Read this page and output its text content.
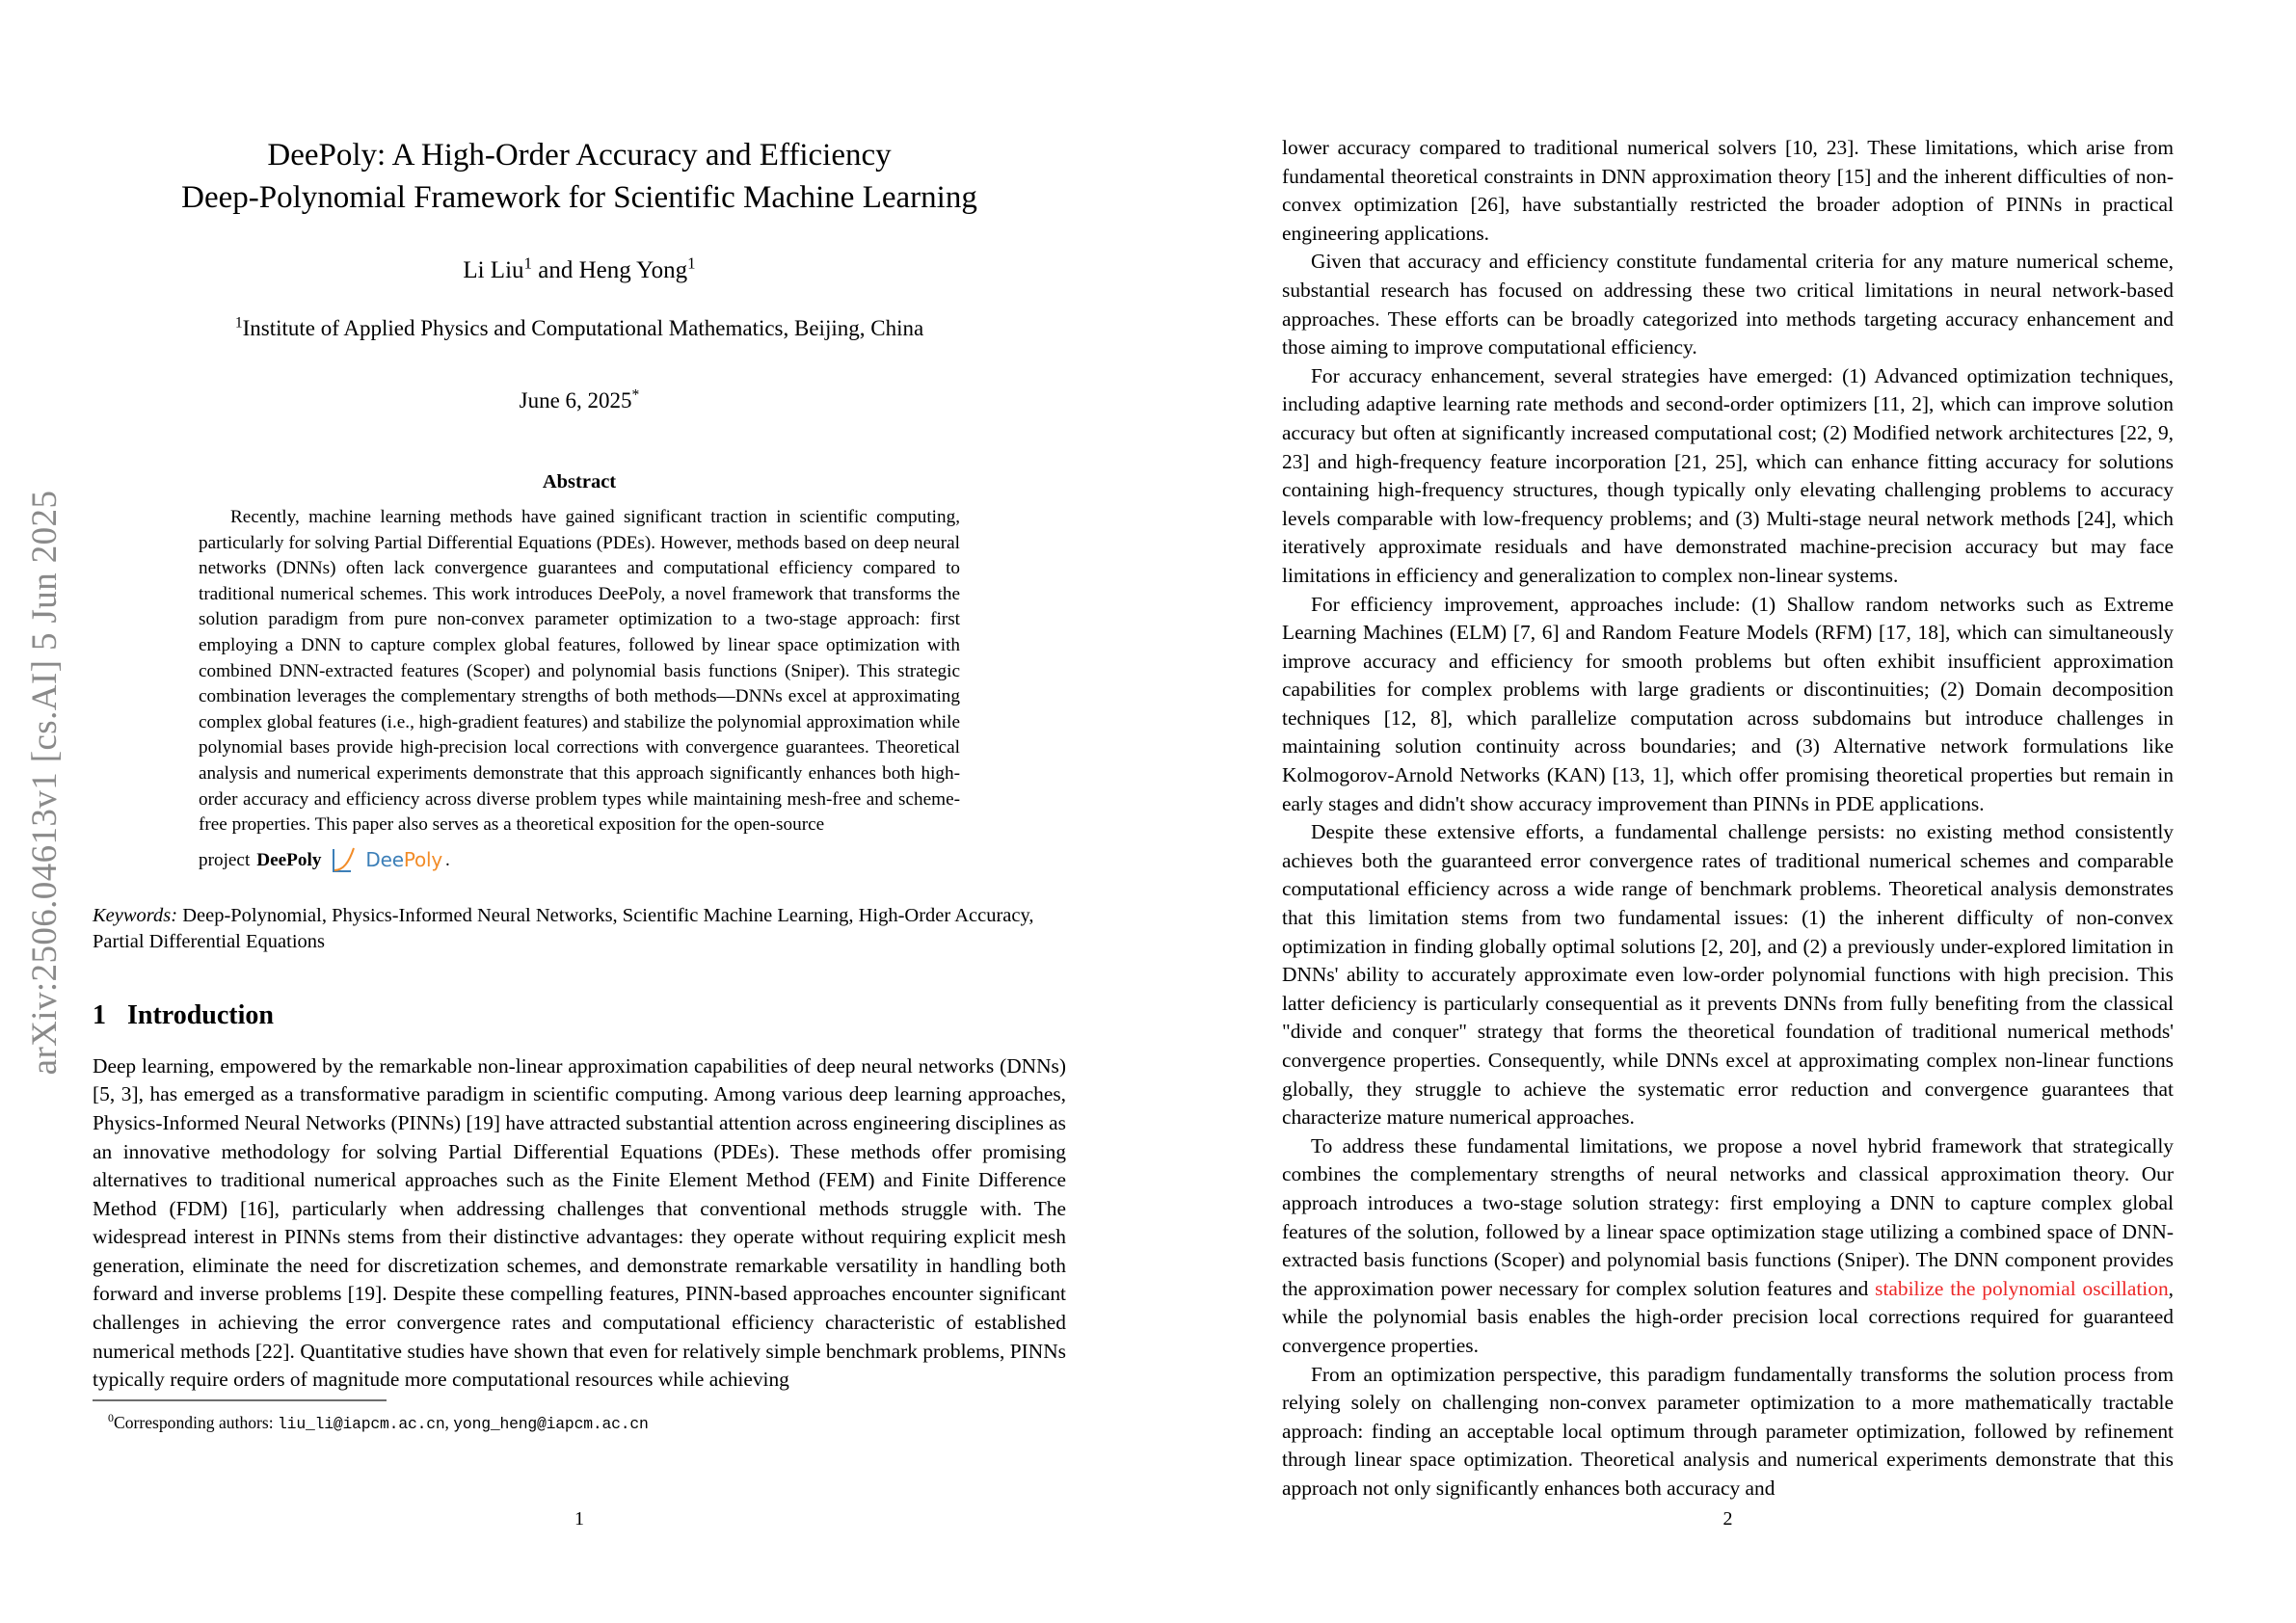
arXiv:2506.04613v1 [cs.AI] 5 Jun 2025
DeePoly: A High-Order Accuracy and Efficiency
Deep-Polynomial Framework for Scientific Machine Learning
Li Liu$^1$ and Heng Yong$^1$
$^1$Institute of Applied Physics and Computational Mathematics, Beijing, China
June 6, 2025*
Abstract
Recently, machine learning methods have gained significant traction in scientific computing, particularly for solving Partial Differential Equations (PDEs). However, methods based on deep neural networks (DNNs) often lack convergence guarantees and computational efficiency compared to traditional numerical schemes. This work introduces DeePoly, a novel framework that transforms the solution paradigm from pure non-convex parameter optimization to a two-stage approach: first employing a DNN to capture complex global features, followed by linear space optimization with combined DNN-extracted features (Scoper) and polynomial basis functions (Sniper). This strategic combination leverages the complementary strengths of both methods—DNNs excel at approximating complex global features (i.e., high-gradient features) and stabilize the polynomial approximation while polynomial bases provide high-precision local corrections with convergence guarantees. Theoretical analysis and numerical experiments demonstrate that this approach significantly enhances both high-order accuracy and efficiency across diverse problem types while maintaining mesh-free and scheme-free properties. This paper also serves as a theoretical exposition for the open-source
project DeePoly DeePoly .
Keywords: Deep-Polynomial, Physics-Informed Neural Networks, Scientific Machine Learning, High-Order Accuracy, Partial Differential Equations
1 Introduction

Deep learning, empowered by the remarkable non-linear approximation capabilities of deep neural networks (DNNs) [5, 3], has emerged as a transformative paradigm in scientific computing. Among various deep learning approaches, Physics-Informed Neural Networks (PINNs) [19] have attracted substantial attention across engineering disciplines as an innovative methodology for solving Partial Differential Equations (PDEs). These methods offer promising alternatives to traditional numerical approaches such as the Finite Element Method (FEM) and Finite Difference Method (FDM) [16], particularly when addressing challenges that conventional methods struggle with. The widespread interest in PINNs stems from their distinctive advantages: they operate without requiring explicit mesh generation, eliminate the need for discretization schemes, and demonstrate remarkable versatility in handling both forward and inverse problems [19]. Despite these compelling features, PINN-based approaches encounter significant challenges in achieving the error convergence rates and computational efficiency characteristic of established numerical methods [22]. Quantitative studies have shown that even for relatively simple benchmark problems, PINNs typically require orders of magnitude more computational resources while achieving

$^0$Corresponding authors: liu_li@iapcm.ac.cn, yong_heng@iapcm.ac.cn
1

lower accuracy compared to traditional numerical solvers [10, 23]. These limitations, which arise from fundamental theoretical constraints in DNN approximation theory [15] and the inherent difficulties of non-convex optimization [26], have substantially restricted the broader adoption of PINNs in practical engineering applications.

Given that accuracy and efficiency constitute fundamental criteria for any mature numerical scheme, substantial research has focused on addressing these two critical limitations in neural network-based approaches. These efforts can be broadly categorized into methods targeting accuracy enhancement and those aiming to improve computational efficiency.

For accuracy enhancement, several strategies have emerged: (1) Advanced optimization techniques, including adaptive learning rate methods and second-order optimizers [11, 2], which can improve solution accuracy but often at significantly increased computational cost; (2) Modified network architectures [22, 9, 23] and high-frequency feature incorporation [21, 25], which can enhance fitting accuracy for solutions containing high-frequency structures, though typically only elevating challenging problems to accuracy levels comparable with low-frequency problems; and (3) Multi-stage neural network methods [24], which iteratively approximate residuals and have demonstrated machine-precision accuracy but may face limitations in efficiency and generalization to complex non-linear systems.

For efficiency improvement, approaches include: (1) Shallow random networks such as Extreme Learning Machines (ELM) [7, 6] and Random Feature Models (RFM) [17, 18], which can simultaneously improve accuracy and efficiency for smooth problems but often exhibit insufficient approximation capabilities for complex problems with large gradients or discontinuities; (2) Domain decomposition techniques [12, 8], which parallelize computation across subdomains but introduce challenges in maintaining solution continuity across boundaries; and (3) Alternative network formulations like Kolmogorov-Arnold Networks (KAN) [13, 1], which offer promising theoretical properties but remain in early stages and didn't show accuracy improvement than PINNs in PDE applications.

Despite these extensive efforts, a fundamental challenge persists: no existing method consistently achieves both the guaranteed error convergence rates of traditional numerical schemes and comparable computational efficiency across a wide range of benchmark problems. Theoretical analysis demonstrates that this limitation stems from two fundamental issues: (1) the inherent difficulty of non-convex optimization in finding globally optimal solutions [2, 20], and (2) a previously under-explored limitation in DNNs' ability to accurately approximate even low-order polynomial functions with high precision. This latter deficiency is particularly consequential as it prevents DNNs from fully benefiting from the classical "divide and conquer" strategy that forms the theoretical foundation of traditional numerical methods' convergence properties. Consequently, while DNNs excel at approximating complex non-linear functions globally, they struggle to achieve the systematic error reduction and convergence guarantees that characterize mature numerical approaches.

To address these fundamental limitations, we propose a novel hybrid framework that strategically combines the complementary strengths of neural networks and classical approximation theory. Our approach introduces a two-stage solution strategy: first employing a DNN to capture complex global features of the solution, followed by a linear space optimization stage utilizing a combined space of DNN-extracted basis functions (Scoper) and polynomial basis functions (Sniper). The DNN component provides the approximation power necessary for complex solution features and stabilize the polynomial oscillation, while the polynomial basis enables the high-order precision local corrections required for guaranteed convergence properties.

From an optimization perspective, this paradigm fundamentally transforms the solution process from relying solely on challenging non-convex parameter optimization to a more mathematically tractable approach: finding an acceptable local optimum through parameter optimization, followed by refinement through linear space optimization. Theoretical analysis and numerical experiments demonstrate that this approach not only significantly enhances both accuracy and

2
